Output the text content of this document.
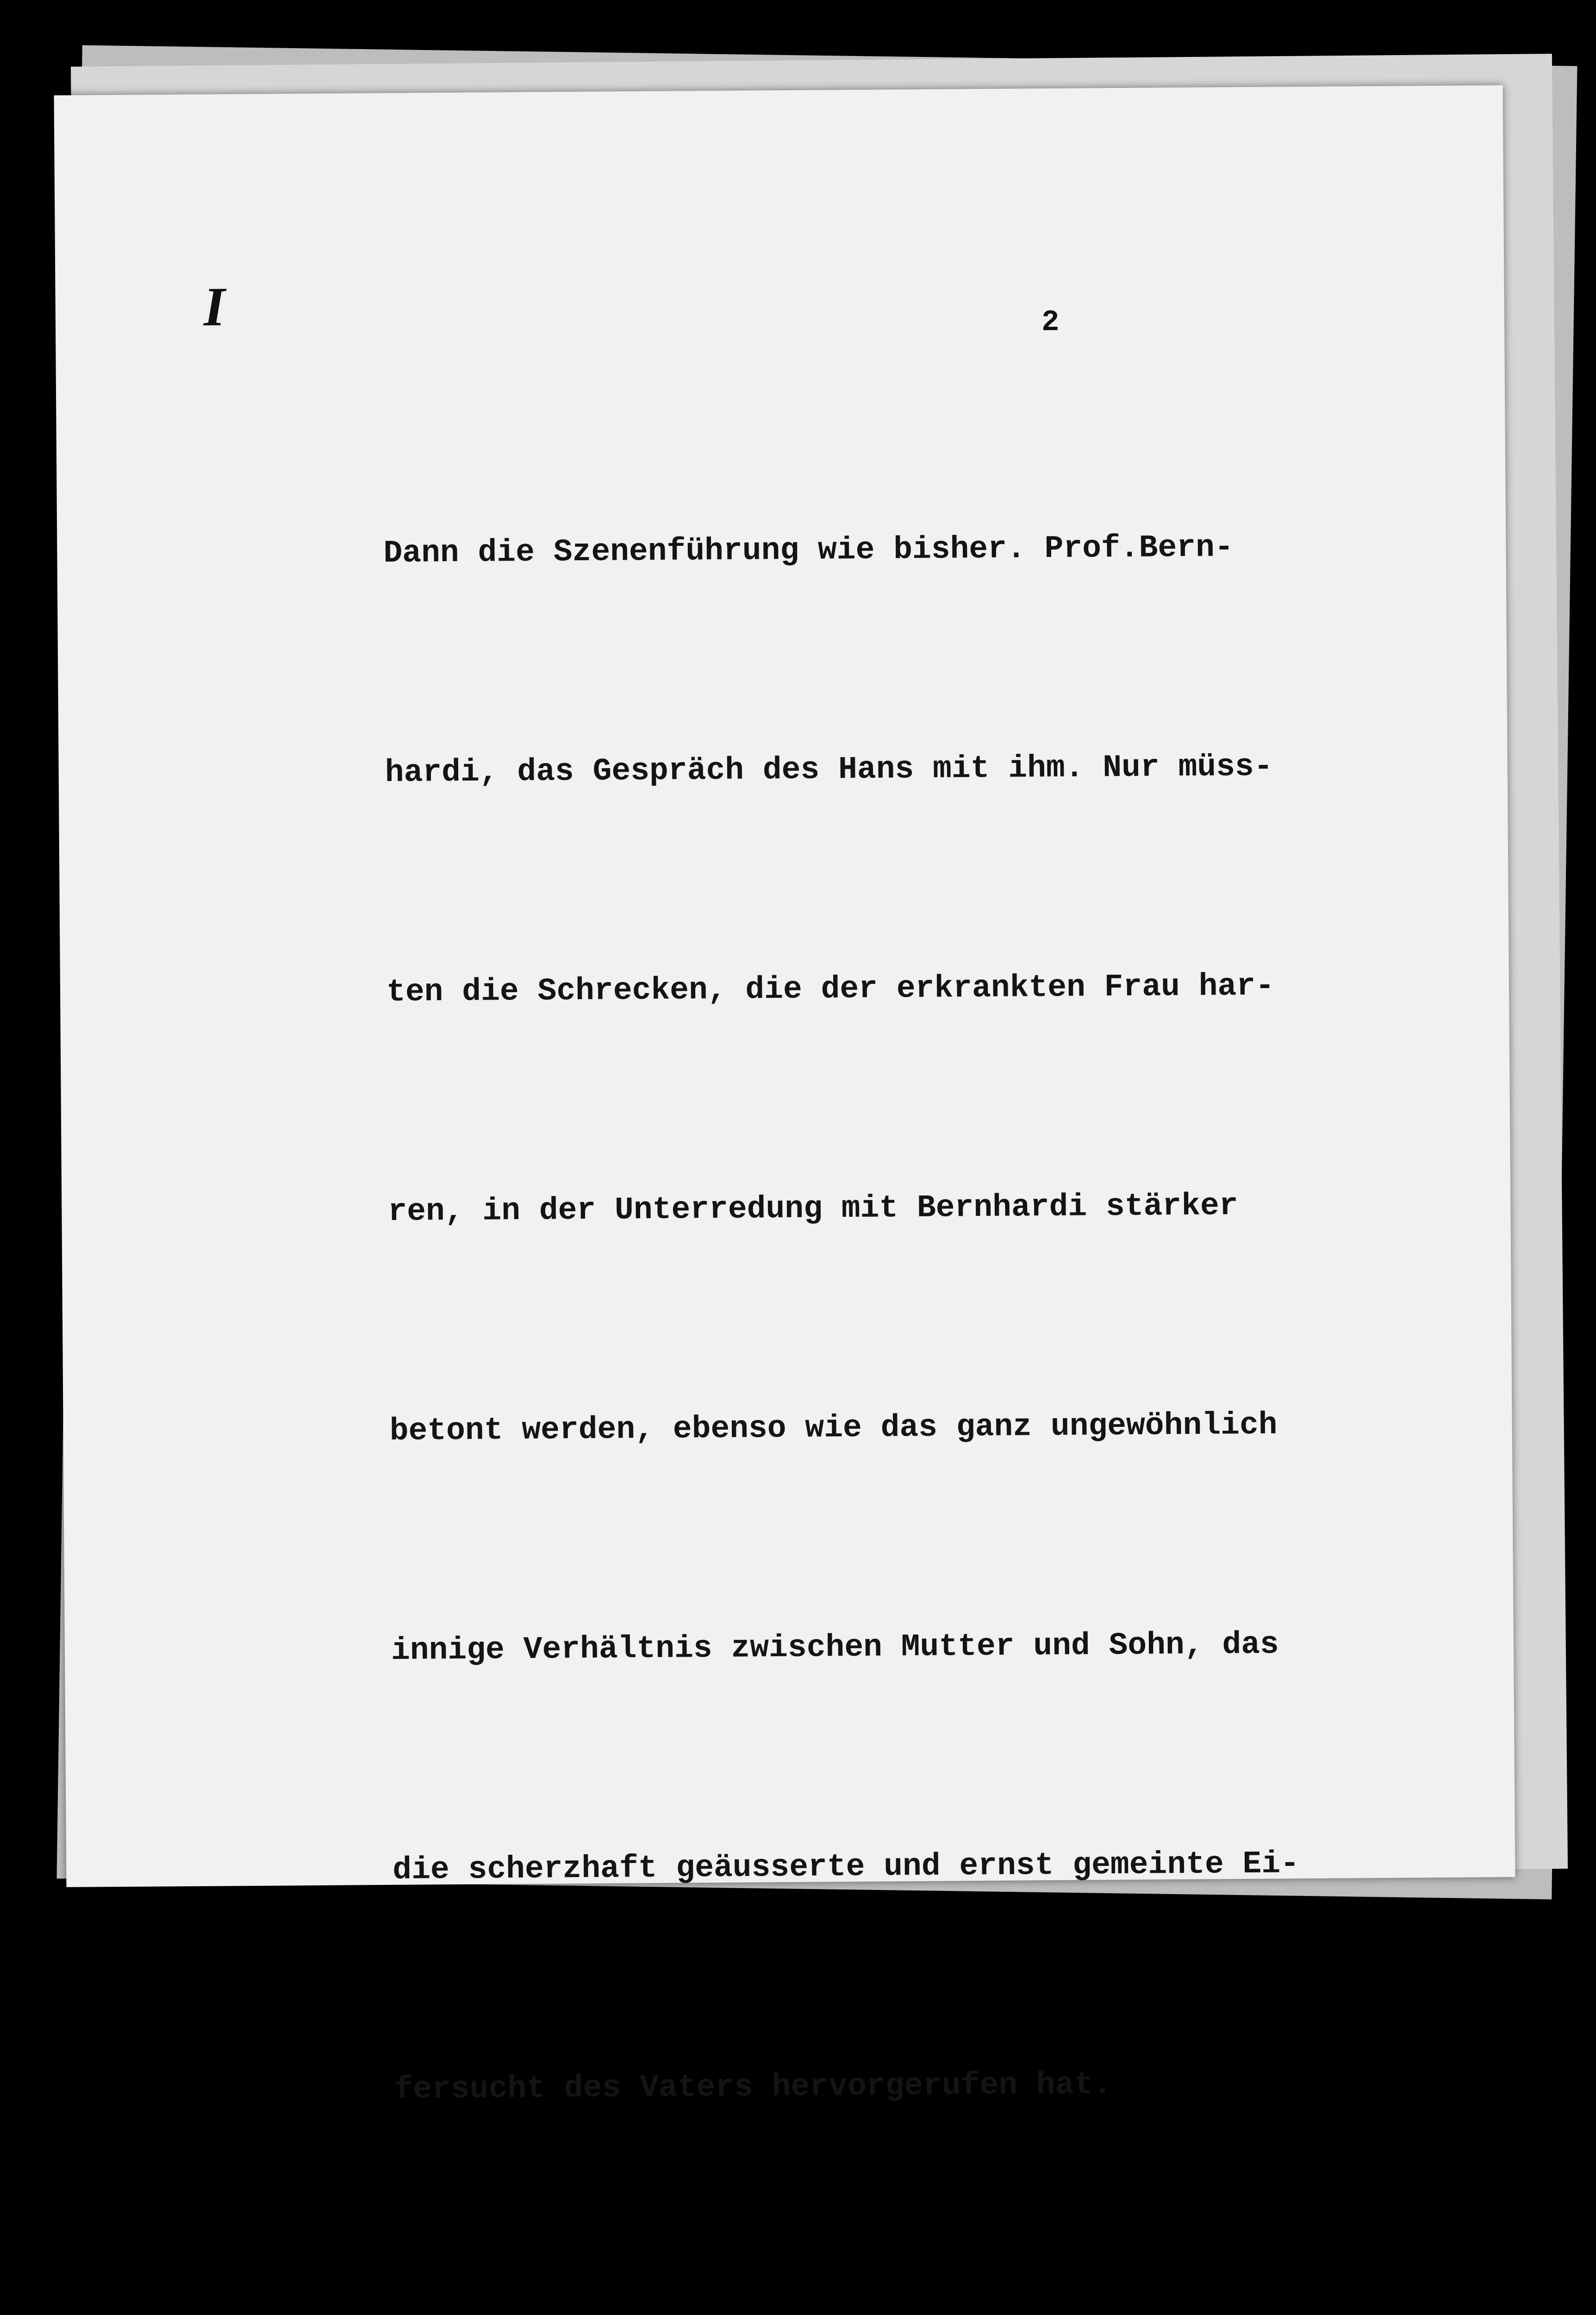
I	2

Dann die Szenenführung wie bisher. Prof.Bern-

hardi, das Gespräch des Hans mit ihm. Nur müss-

ten die Schrecken, die der erkrankten Frau har-

ren, in der Unterredung mit Bernhardi stärker

betont werden, ebenso wie das ganz ungewöhnlich

innige Verhältnis zwischen Mutter und Sohn, das

die scherzhaft geäusserte und ernst gemeinte Ei-

fersucht des Vaters hervorgerufen hat.
